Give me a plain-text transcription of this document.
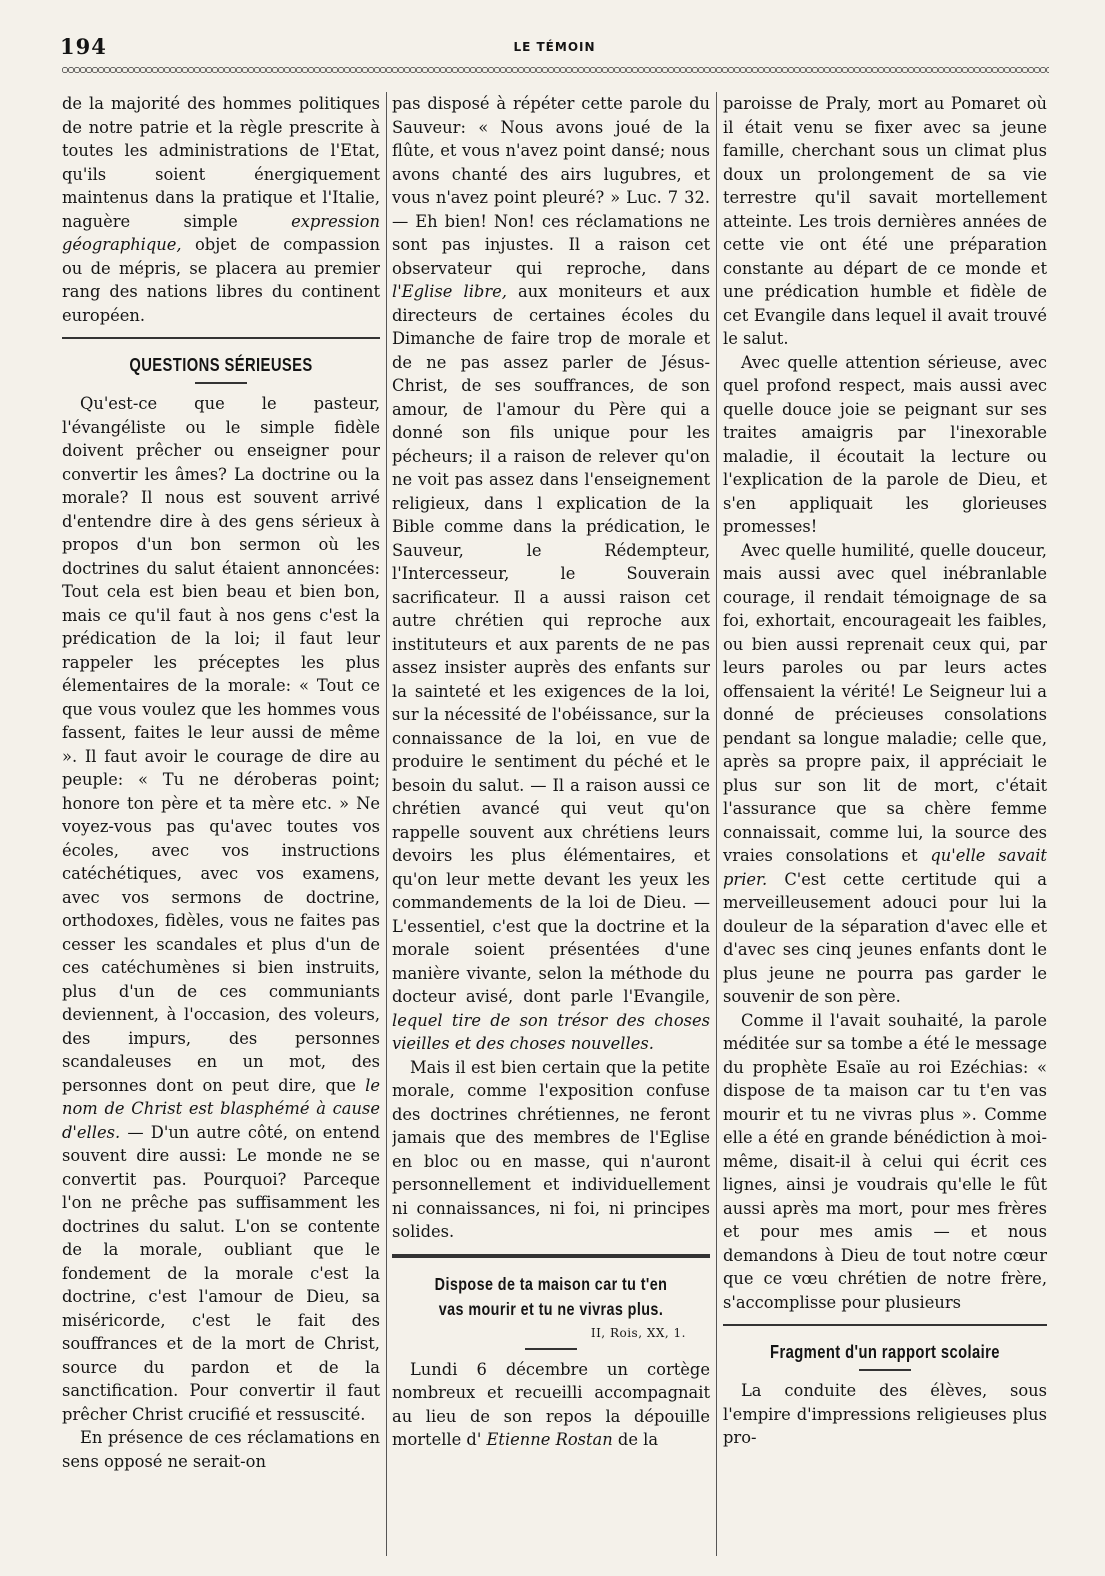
194	LE TÉMOIN

de la majorité des hommes politiques de notre patrie et la règle prescrite à toutes les administrations de l'Etat, qu'ils soient énergiquement maintenus dans la pratique et l'Italie, naguère simple	expression géographique, objet de compassion ou de mépris, se placera au premier rang des nations libres du continent européen.

QUESTIONS SÉRIEUSES

Qu'est-ce que le pasteur, l'évangéliste ou le simple fidèle doivent prêcher ou enseigner pour convertir les âmes? La doctrine ou la morale? Il nous est souvent arrivé d'entendre dire à des gens sérieux à propos d'un bon sermon où les doctrines du salut étaient annoncées: Tout cela est bien beau et bien bon, mais ce qu'il faut à nos gens c'est la prédication de la loi; il faut leur rappeler les préceptes les plus élementaires de la morale: « Tout ce que vous voulez que les hommes vous fassent, faites le leur aussi de même ». Il faut avoir le courage de dire au peuple: « Tu ne déroberas point; honore ton père et ta mère etc. » Ne voyez-vous pas qu'avec toutes vos écoles, avec vos instructions catéchétiques, avec vos examens, avec vos sermons de doctrine, orthodoxes, fidèles, vous ne faites pas cesser les scandales et plus d'un de ces catéchumènes si bien instruits, plus d'un de ces communiants deviennent, à l'occasion, des voleurs, des impurs, des personnes scandaleuses en un mot, des personnes dont on peut dire, que le nom de Christ est blasphémé à cause d'elles. — D'un autre côté, on entend souvent dire aussi: Le monde ne se convertit pas. Pourquoi? Parceque l'on ne prêche pas suffisamment les doctrines du salut. L'on se contente de la morale, oubliant que le fondement de la morale c'est la doctrine, c'est l'amour de Dieu, sa miséricorde, c'est le fait des souffrances et de la mort de Christ, source du pardon et de la sanctification. Pour convertir il faut prêcher Christ crucifié et ressuscité.

En présence de ces réclamations en sens opposé ne serait-on

pas disposé à répéter cette parole du Sauveur: « Nous avons joué de la flûte, et vous n'avez point dansé; nous avons chanté des airs lugubres, et vous n'avez point pleuré? » Luc. 7 32. — Eh bien! Non! ces réclamations ne sont pas injustes. Il a raison cet observateur qui reproche, dans l'Eglise libre, aux moniteurs et aux directeurs de certaines écoles du Dimanche de faire trop de morale et de ne pas assez parler de Jésus-Christ, de ses souffrances, de son amour, de l'amour du Père qui a donné son fils unique pour les pécheurs; il a raison de relever qu'on ne voit pas assez dans l'enseignement religieux, dans l explication de la Bible comme dans la prédication, le Sauveur, le Rédempteur, l'Intercesseur, le Souverain sacrificateur. Il a aussi raison cet autre chrétien qui reproche aux instituteurs et aux parents de ne pas assez insister auprès des enfants sur la sainteté et les exigences de la loi, sur la nécessité de l'obéissance, sur la connaissance de la loi, en vue de produire le sentiment du péché et le besoin du salut. — Il a raison aussi ce chrétien avancé qui veut qu'on rappelle souvent aux chrétiens leurs devoirs les plus élémentaires, et qu'on leur mette devant les yeux les commandements de la loi de Dieu. — L'essentiel, c'est que la doctrine et la morale soient présentées d'une manière vivante, selon la méthode du docteur avisé, dont parle l'Evangile, lequel tire de son trésor des choses vieilles et des choses nouvelles.

Mais il est bien certain que la petite morale, comme l'exposition confuse des doctrines chrétiennes, ne feront jamais que des membres de l'Eglise en bloc ou en masse, qui n'auront personnellement et individuellement ni connaissances, ni foi, ni principes solides.

Dispose de ta maison car tu t'en vas mourir et tu ne vivras plus.
II, Rois, XX, 1.

Lundi 6 décembre un cortège nombreux et recueilli accompagnait au lieu de son repos la dépouille mortelle d' Etienne Rostan de la

paroisse de Praly, mort au Pomaret où il était venu se fixer avec sa jeune famille, cherchant sous un climat plus doux un prolongement de sa vie terrestre qu'il savait mortellement atteinte. Les trois dernières années de cette vie ont été une préparation constante au départ de ce monde et une prédication humble et fidèle de cet Evangile dans lequel il avait trouvé le salut.

Avec quelle attention sérieuse, avec quel profond respect, mais aussi avec quelle douce joie se peignant sur ses traites amaigris par l'inexorable maladie, il écoutait la lecture ou l'explication de la parole de Dieu, et s'en appliquait les glorieuses promesses!

Avec quelle humilité, quelle douceur, mais aussi avec quel inébranlable courage, il rendait témoignage de sa foi, exhortait, encourageait les faibles, ou bien aussi reprenait ceux qui, par leurs paroles ou par leurs actes offensaient la vérité! Le Seigneur lui a donné de précieuses consolations pendant sa longue maladie; celle que, après sa propre paix, il appréciait le plus sur son lit de mort, c'était l'assurance que sa chère femme connaissait, comme lui, la source des vraies consolations et qu'elle savait prier. C'est cette certitude qui a merveilleusement adouci pour lui la douleur de la séparation d'avec elle et d'avec ses cinq jeunes enfants dont le plus jeune ne pourra pas garder le souvenir de son père.

Comme il l'avait souhaité, la parole méditée sur sa tombe a été le message du prophète Esaïe au roi Ezéchias: « dispose de ta maison car tu t'en vas mourir et tu ne vivras plus ». Comme elle a été en grande bénédiction à moi-même, disait-il à celui qui écrit ces lignes, ainsi je voudrais qu'elle le fût aussi après ma mort, pour mes frères et pour mes amis — et nous demandons à Dieu de tout notre cœur que ce vœu chrétien de notre frère, s'accomplisse pour plusieurs

Fragment d'un rapport scolaire

La conduite des élèves, sous l'empire d'impressions religieuses plus pro-
